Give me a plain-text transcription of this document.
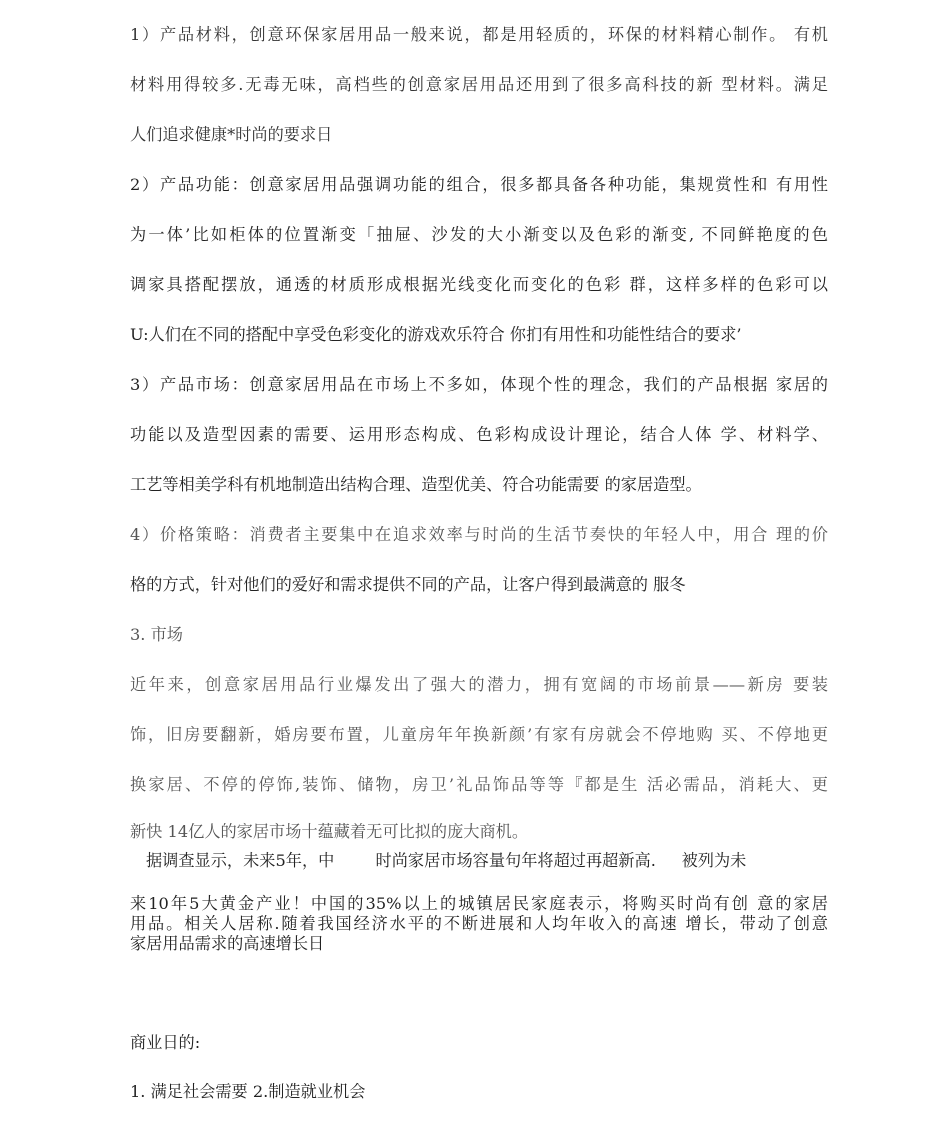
1）产品材料，创意环保家居用品一般来说，都是用轻质的，环保的材料精心制作。 有机
材料用得较多.无毒无味，高档些的创意家居用品还用到了很多高科技的新 型材料。满足
人们追求健康*时尚的要求日
2）产品功能：创意家居用品强调功能的组合，很多都具备各种功能，集规赏性和 有用性
为一体’比如柜体的位置渐变「抽屉、沙发的大小渐变以及色彩的渐变, 不同鲜艳度的色
调家具搭配摆放，通透的材质形成根据光线变化而变化的色彩 群，这样多样的色彩可以
U:人们在不同的搭配中享受色彩变化的游戏欢乐符合 你扪有用性和功能性结合的要求’
3）产品市场：创意家居用品在市场上不多如，体现个性的理念，我们的产品根据 家居的
功能以及造型因素的需要、运用形态构成、色彩构成设计理论，结合人体 学、材料学、
工艺等相美学科有机地制造出结构合理、造型优美、符合功能需要 的家居造型。
4）价格策略：消费者主要集中在追求效率与时尚的生活节奏快的年轻人中，用合 理的价
格的方式，针对他们的爱好和需求提供不同的产品，让客户得到最满意的 服冬
3. 市场
近年来，创意家居用品行业爆发出了强大的潜力，拥有宽阔的市场前景——新房 要装
饰，旧房要翻新，婚房要布置，儿童房年年换新颜’有家有房就会不停地购 买、不停地更
换家居、不停的停饰,装饰、储物，房卫’礼品饰品等等『都是生 活必需品，消耗大、更
新快 14亿人的家居市场十蕴藏着无可比拟的庞大商机。
据调查显示，未来5年，中        时尚家居市场容量句年将超过再超新高.     被列为未
来10年5大黄金产业！中国的35%以上的城镇居民家庭表示，将购买时尚有创 意的家居
用品。相关人居称.随着我国经济水平的不断进展和人均年收入的高速 增长，带动了创意
家居用品需求的高速增长日
商业日的:
1. 满足社会需要 2.制造就业机会
